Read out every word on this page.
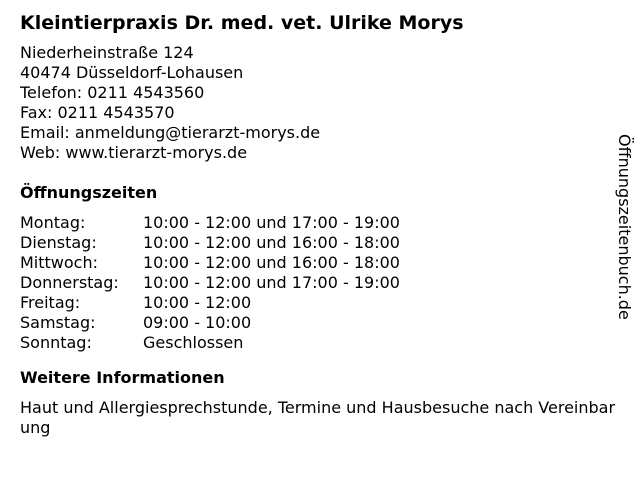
Kleintierpraxis Dr. med. vet. Ulrike Morys
Niederheinstraße 124
40474 Düsseldorf-Lohausen
Telefon: 0211 4543560
Fax: 0211 4543570
Email: anmeldung@tierarzt-morys.de
Web: www.tierarzt-morys.de
Öffnungszeiten
Montag:	10:00 - 12:00 und 17:00 - 19:00
Dienstag:	10:00 - 12:00 und 16:00 - 18:00
Mittwoch:	10:00 - 12:00 und 16:00 - 18:00
Donnerstag:	10:00 - 12:00 und 17:00 - 19:00
Freitag:	10:00 - 12:00
Samstag:	09:00 - 10:00
Sonntag:	Geschlossen
Weitere Informationen
Haut und Allergiesprechstunde, Termine und Hausbesuche nach Vereinbarung
Öffnungszeitenbuch.de
